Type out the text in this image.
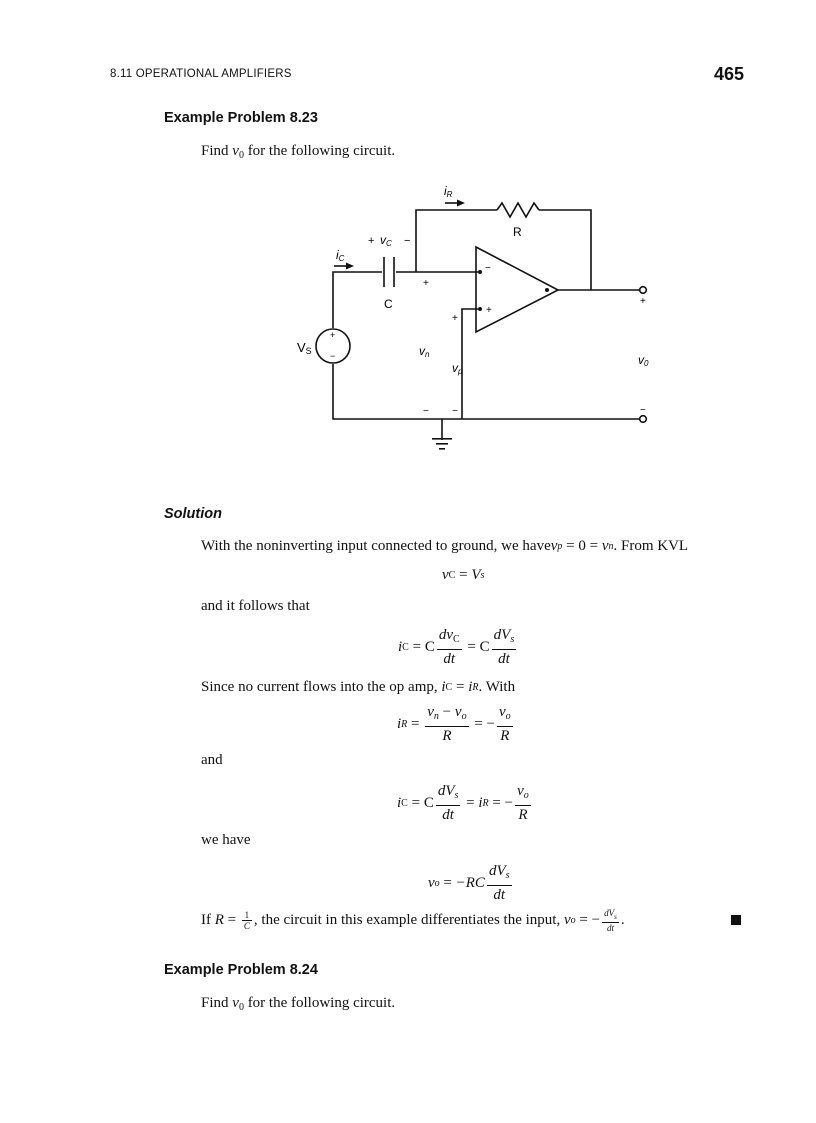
8.11 OPERATIONAL AMPLIFIERS	465
Example Problem 8.23
Find $v_0$ for the following circuit.
iR
R
+ vC −
iC
C
+
+
−
+
+
−
VS	vn
vp
v0
+
−
− −
Solution
With the noninverting input connected to ground, we have v p = 0 = v n . From KVL
v C = V s
and it follows that
i C = C $\frac{dv_C}{dt} = C \frac{dV_s}{dt}$
Since no current flows into the op amp, i C = i R . With
i $R = \frac{v_n - v_o}{R}$ = − $\frac{v_o}{R}$
and
i C = C $\frac{dV_s}{dt} = i$ R = − $\frac{v_o}{R}$
we have
v $o = -RC \frac{dV_s}{dt}$
If $R = \frac{1}{C}$ , the circuit in this example differentiates the input, v o = − $\frac{dV_s}{dt}$ .
Example Problem 8.24
Find $v_0$ for the following circuit.
